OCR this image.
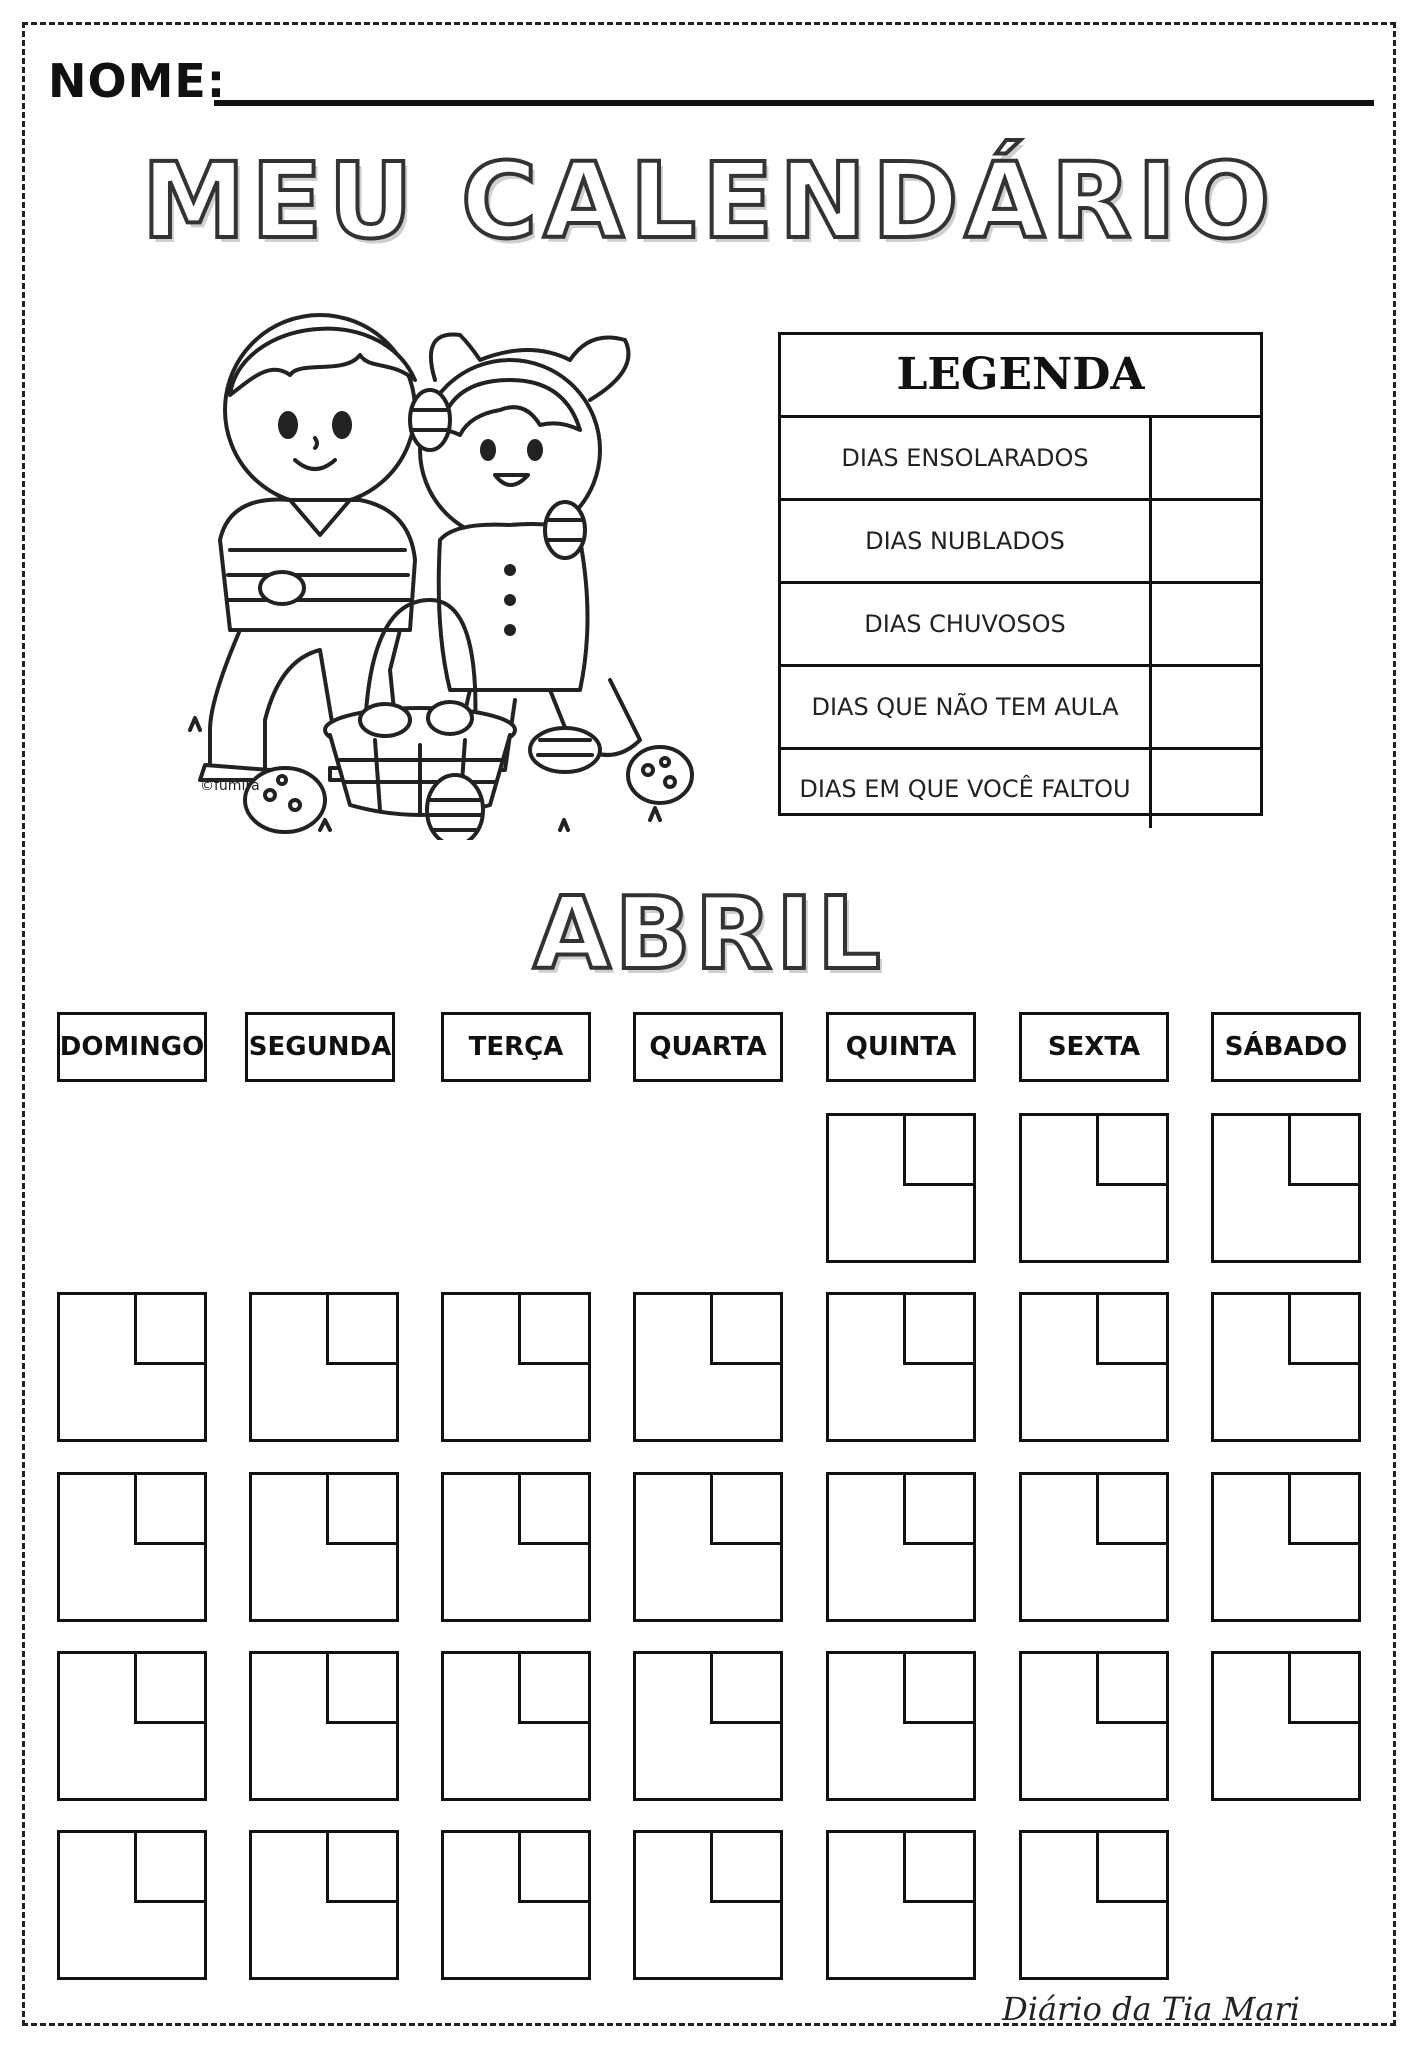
NOME:
MEU CALENDÁRIO
©fumira
LEGENDA
DIAS ENSOLARADOS
DIAS NUBLADOS
DIAS CHUVOSOS
DIAS QUE NÃO TEM AULA
DIAS EM QUE VOCÊ FALTOU
ABRIL
DOMINGO SEGUNDA	TERÇA	QUARTA	QUINTA	SEXTA	SÁBADO
Diário da Tia Mari
